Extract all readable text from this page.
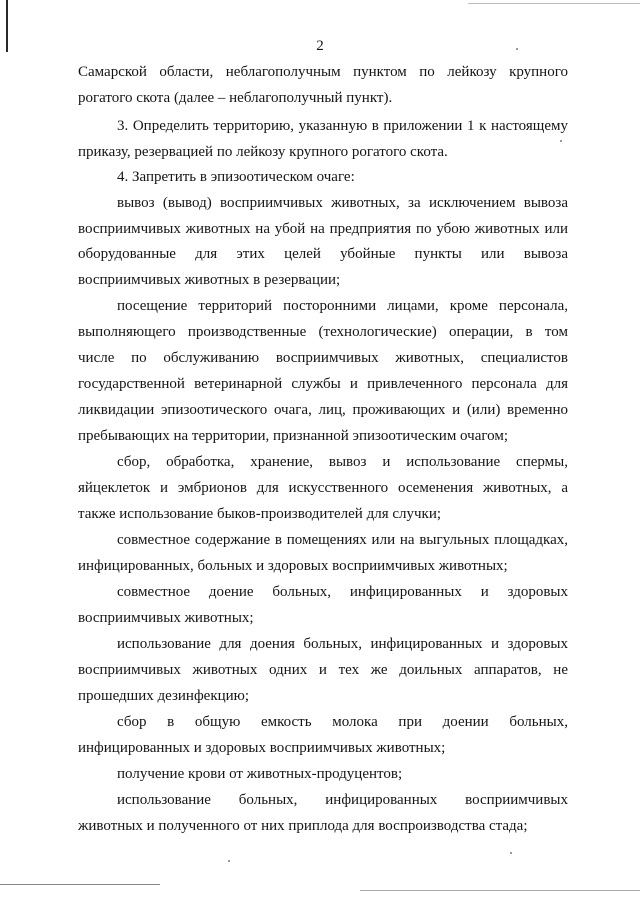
2

Самарской области, неблагополучным пунктом по лейкозу крупного

рогатого скота (далее – неблагополучный пункт).

3. Определить территорию, указанную в приложении 1 к настоящему

приказу, резервацией по лейкозу крупного рогатого скота.

4. Запретить в эпизоотическом очаге:

вывоз (вывод) восприимчивых животных, за исключением вывоза

восприимчивых животных на убой на предприятия по убою животных или

оборудованные для этих целей убойные пункты или вывоза

восприимчивых животных в резервации;

посещение территорий посторонними лицами, кроме персонала,

выполняющего производственные (технологические) операции, в том

числе по обслуживанию восприимчивых животных, специалистов

государственной ветеринарной службы и привлеченного персонала для

ликвидации эпизоотического очага, лиц, проживающих и (или) временно

пребывающих на территории, признанной эпизоотическим очагом;

сбор, обработка, хранение, вывоз и использование спермы,

яйцеклеток и эмбрионов для искусственного осеменения животных, а

также использование быков-производителей для случки;

совместное содержание в помещениях или на выгульных площадках,

инфицированных, больных и здоровых восприимчивых животных;

совместное доение больных, инфицированных и здоровых

восприимчивых животных;

использование для доения больных, инфицированных и здоровых

восприимчивых животных одних и тех же доильных аппаратов, не

прошедших дезинфекцию;

сбор в общую емкость молока при доении больных,

инфицированных и здоровых восприимчивых животных;

получение крови от животных-продуцентов;

использование больных, инфицированных восприимчивых

животных и полученного от них приплода для воспроизводства стада;
